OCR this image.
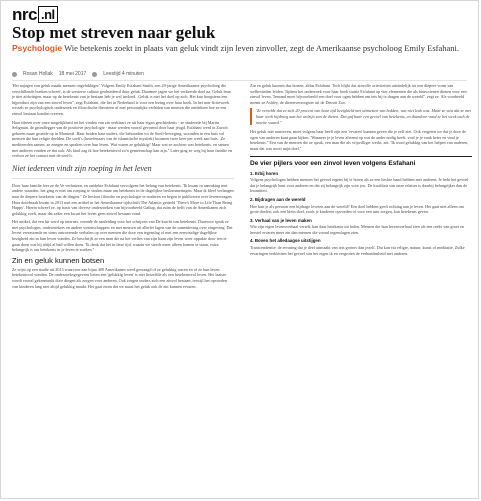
nrc .nl
Stop met streven naar geluk
Psychologie Wie betekenis zoekt in plaats van geluk vindt zijn leven zinvoller, zegt de Amerikaanse psycholoog Emily Esfahani.
Rosan Hollak 18 mei 2017	Leestijd 4 minuten

'Het najagen van geluk maakt mensen ongelukkiger.' Volgens Emily Esfahani Smith, een 29-jarige Amerikaanse psycholoog die verschillende boeken schreef, is de westerse cultuur geobsedeerd door geluk. Daarmee jagen we het verkeerde doel na. Geluk leun je niet afdwingen, maar op de betekenis van je bestaan heb je wel invloed. ,Geluk is niet het doel op zich. Het kan hoogstens een bijproduct zijn van een zinvol leven'', zegt Esfahani, die het in Nederland is voor een lezing over haar boek. In het non-fictieweek wisselt ze psychologisch onderzoek en filosofische theorieen af met persoonlijke verhalen van mensen die ontdekten hoe ze een zinvol bestaan konden creeren.

Haar ideeen over onze mogelijkheid tot het vinden van zin verklaart ze uit haar eigen geschiedenis - ze studeerde bij Martin Seligman, de grondlegger van de positieve psychologie - maar werden vooral gevormd door haar jeugd. Esfahani werd in Zurich geboren maar groeide op in Montreal. Haar beiden haar ouders, die behoorden tot de Soefi-beweging, woonden in een huis vol mensen die hun religie deelden. De soefi's (beoefenaars van de islamitische mystiek) kwamen twee keer per week aan huis. ,Ze mediteerden samen, ze zongen en spraken over hun leven. Wat waren ze gelukkig? Maar wat ze zochten was betekenis, en samen met anderen vonden ze dat ook. Als kind zag ik hoe betekenisvol zo'n gemeenschap kan zijn.'' Later ging ze weg bij haar familie en verloor ze het contact met de soefi's.

Niet iedereen vindt zijn roeping in het leven

Door haar familie leer ze de Ve verhuizen, en ontdekte Esfahani vervolgens het belang van betekenis. 'Ik kwam in aanraking met andere waarden, het ging er niet om roeping te vinden maar om betekenis in de dagelijkse beslommeringen. Maar ik bleef verlangen naar de diepere betekenis van de dingen.'' Ze besloot filosofie en psychologie te studeren en begon te publiceren over levensvragen. Haar doorbraak kwam in 2013 met een artikel in het Amerikaanse tijdschrift The Atlantic getiteld 'There's More to Life Than Being Happy'. Hierin schreef ze, op basis van diverse onderzoeken van bijvoorbeeld Gallup, dat ruim de helft van de Amerikanen zich gelukkig voelt, maar dat zeker een kwart het leven geen zinvol bestaan vond.

Het artikel, dat een hit werd op internet, vormde de aanleiding voor het schrijven van De kracht van betekenis. Daarvoor sprak ze met psychologen, onderzoekers en andere wetenschappers en met mensen uit allerlei lagen van de samenleving over zingeving. Dat levert verrassende en soms ontroerende verhalen op over mensen die door een tegenslag of met een eenvoudige dagelijkse bezigheid zin in hun leven vonden. Zo beschrijft ze een man die na het verlies van zijn baan zijn leven weer oppakte door iets te gaan doen wat hij altijd al had willen doen. 'Ik denk dat het in deze tijd, waarin we steeds meer alleen komen te staan, extra belangrijk is om betekenis in je leven te zoeken.''

Zin en geluk kunnen botsen

Ze wijst op een studie uit 2013 waarvoor aan bijna 400 Amerikanen werd gevraagd of ze gelukkig waren en of ze hun leven betekenisvol vonden. De onderzoeksgegevens lieten een 'gelukkig leven' is niet hetzelfde als een betekenisvol leven. Het laatste wordt vooral gekenmerkt door dingen als zorgen voor anderen. Ook zorgen ouders zich een zinvol bestaan, terwijl het opvoeden van kinderen lang niet altijd gelukkig maakt. Het gaat erom dat we naast het geluk ook de zin kunnen ervaren.

Zin en geluk kunnen dus botsen, aldus Esfahani. Toch blijkt dat zinvolle activiteiten uiteindelijk tot een diepere vorm van welbevinden leiden. Tijdens het onderzoek voor haar boek stuitte Esfahani op vier elementen die als bouwstenen dienen voor een zinvol leven. 'Iemand moet bijvoorbeeld een doel voor ogen hebben om iets bij te dragen aan de wereld'', zegt ze. Als voorbeeld noemt ze Ashley, de dierenverzorgster uit de Detroit Zoo.

'Ze vertelde dat ze zich 20 procent van haar tijd bezighield met uitmesten van hokken, wat niet leuk was. Maar ze wist dat ze met haar werk bijdroeg aan het welzijn van de dieren. Dat gaf haar een gevoel van betekenis, en daardoor vond ze het werk toch de moeite waard.''

Het geluk niet nastreven, moet volgens haar heeft zijn een 'ervaren' kunnen geven die je zelf ziet. Ook vergeten we dat je door de ogen van anderen kunt gaan kijken. 'Wanneer je je leven afstemt op wat de ander nodig heeft, voel je je vaak beter en vind je betekenis.'' Een van de mensen die ze sprak, een man die als vrijwilliger werkt, zei: 'Ik word gelukkig van het helpen van anderen, maar dat was nooit mijn doel.''

De vier pijlers voor een zinvol leven volgens Esfahani
1. Erbij horen

Volgens psychologen hebben mensen het gevoel ergens bij te horen als ze een hechte band hebben met anderen. Je hebt het gevoel dat je belangrijk bent voor anderen en dat zij belangrijk zijn voor jou. De kwaliteit van onze relaties is daarbij belangrijker dan de kwantiteit.

2. Bijdragen aan de wereld

Hoe kun je als persoon een bijdrage leveren aan de wereld? Een doel hebben geeft richting aan je leven. Het gaat niet alleen om grote doelen; ook een klein doel, zoals je kinderen opvoeden of voor een tuin zorgen, kan betekenis geven.

3. Verhaal van je leven maken

Wie zijn eigen levensverhaal vertelt, kan daar betekenis uit halen. Mensen die hun levensverhaal zien als een reeks van groei en herstel ervaren meer zin dan mensen die vooral tegenslagen zien.

4. Boven het alledaagse uitstijgen

Transcendentie: de ervaring dat je deel uitmaakt van iets groters dan jezelf. Dat kan via religie, natuur, kunst of meditatie. Zulke ervaringen verkleinen het gevoel van het eigen ik en vergroten de verbondenheid met anderen.
